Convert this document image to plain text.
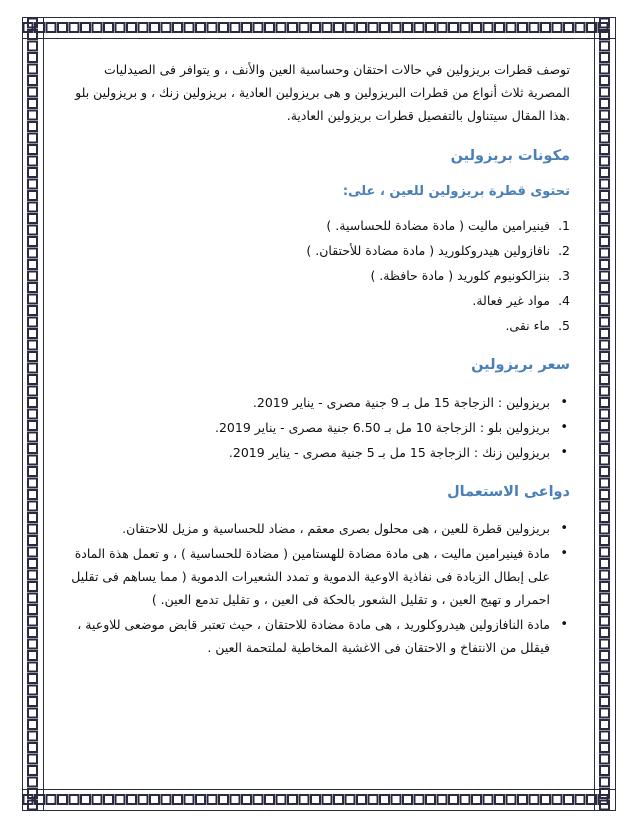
توصف قطرات بريزولين في حالات احتقان وحساسية العين والأنف ، و يتوافر فى الصيدليات المصرية ثلاث أنواع من قطرات البريزولين و هى بريزولين العادية ، بريزولين زنك ، و بريزولين بلو .هذا المقال سيتناول بالتفصيل قطرات بريزولين العادية.

مكونات بريزولين
تحتوى قطرة بريزولين للعين ، على:
1.
فينيرامين ماليت ( مادة مضادة للحساسية. )
2.
نافازولين هيدروكلوريد ( مادة مضادة للأحتقان. )
3.
بنزالكونيوم كلوريد ( مادة حافظة. )
4.
مواد غير فعالة.
5.
ماء نقى.
سعر بريزولين
• بريزولين : الزجاجة 15 مل بـ 9 جنية مصرى - يناير 2019.
• بريزولين بلو : الزجاجة 10 مل بـ 6.50 جنية مصرى - يناير 2019.
• بريزولين زنك : الزجاجة 15 مل بـ 5 جنية مصرى - يناير 2019.
دواعى الاستعمال
• بريزولين قطرة للعين ، هى محلول بصرى معقم ، مضاد للحساسية و مزيل للاحتقان.
• مادة فينيرامين ماليت ، هى مادة مضادة للهستامين ( مضادة للحساسية ) ، و تعمل هذة المادة على إبطال الزيادة فى نفاذية الاوعية الدموية و تمدد الشعيرات الدموية ( مما يساهم فى تقليل احمرار و تهيج العين ، و تقليل الشعور بالحكة فى العين ، و تقليل تدمع العين. )
• مادة النافازولين هيدروكلوريد ، هى مادة مضادة للاحتقان ، حيث تعتبر قابض موضعى للاوعية ، فيقلل من الانتفاخ و الاحتقان فى الاغشية المخاطية لملتحمة العين .
